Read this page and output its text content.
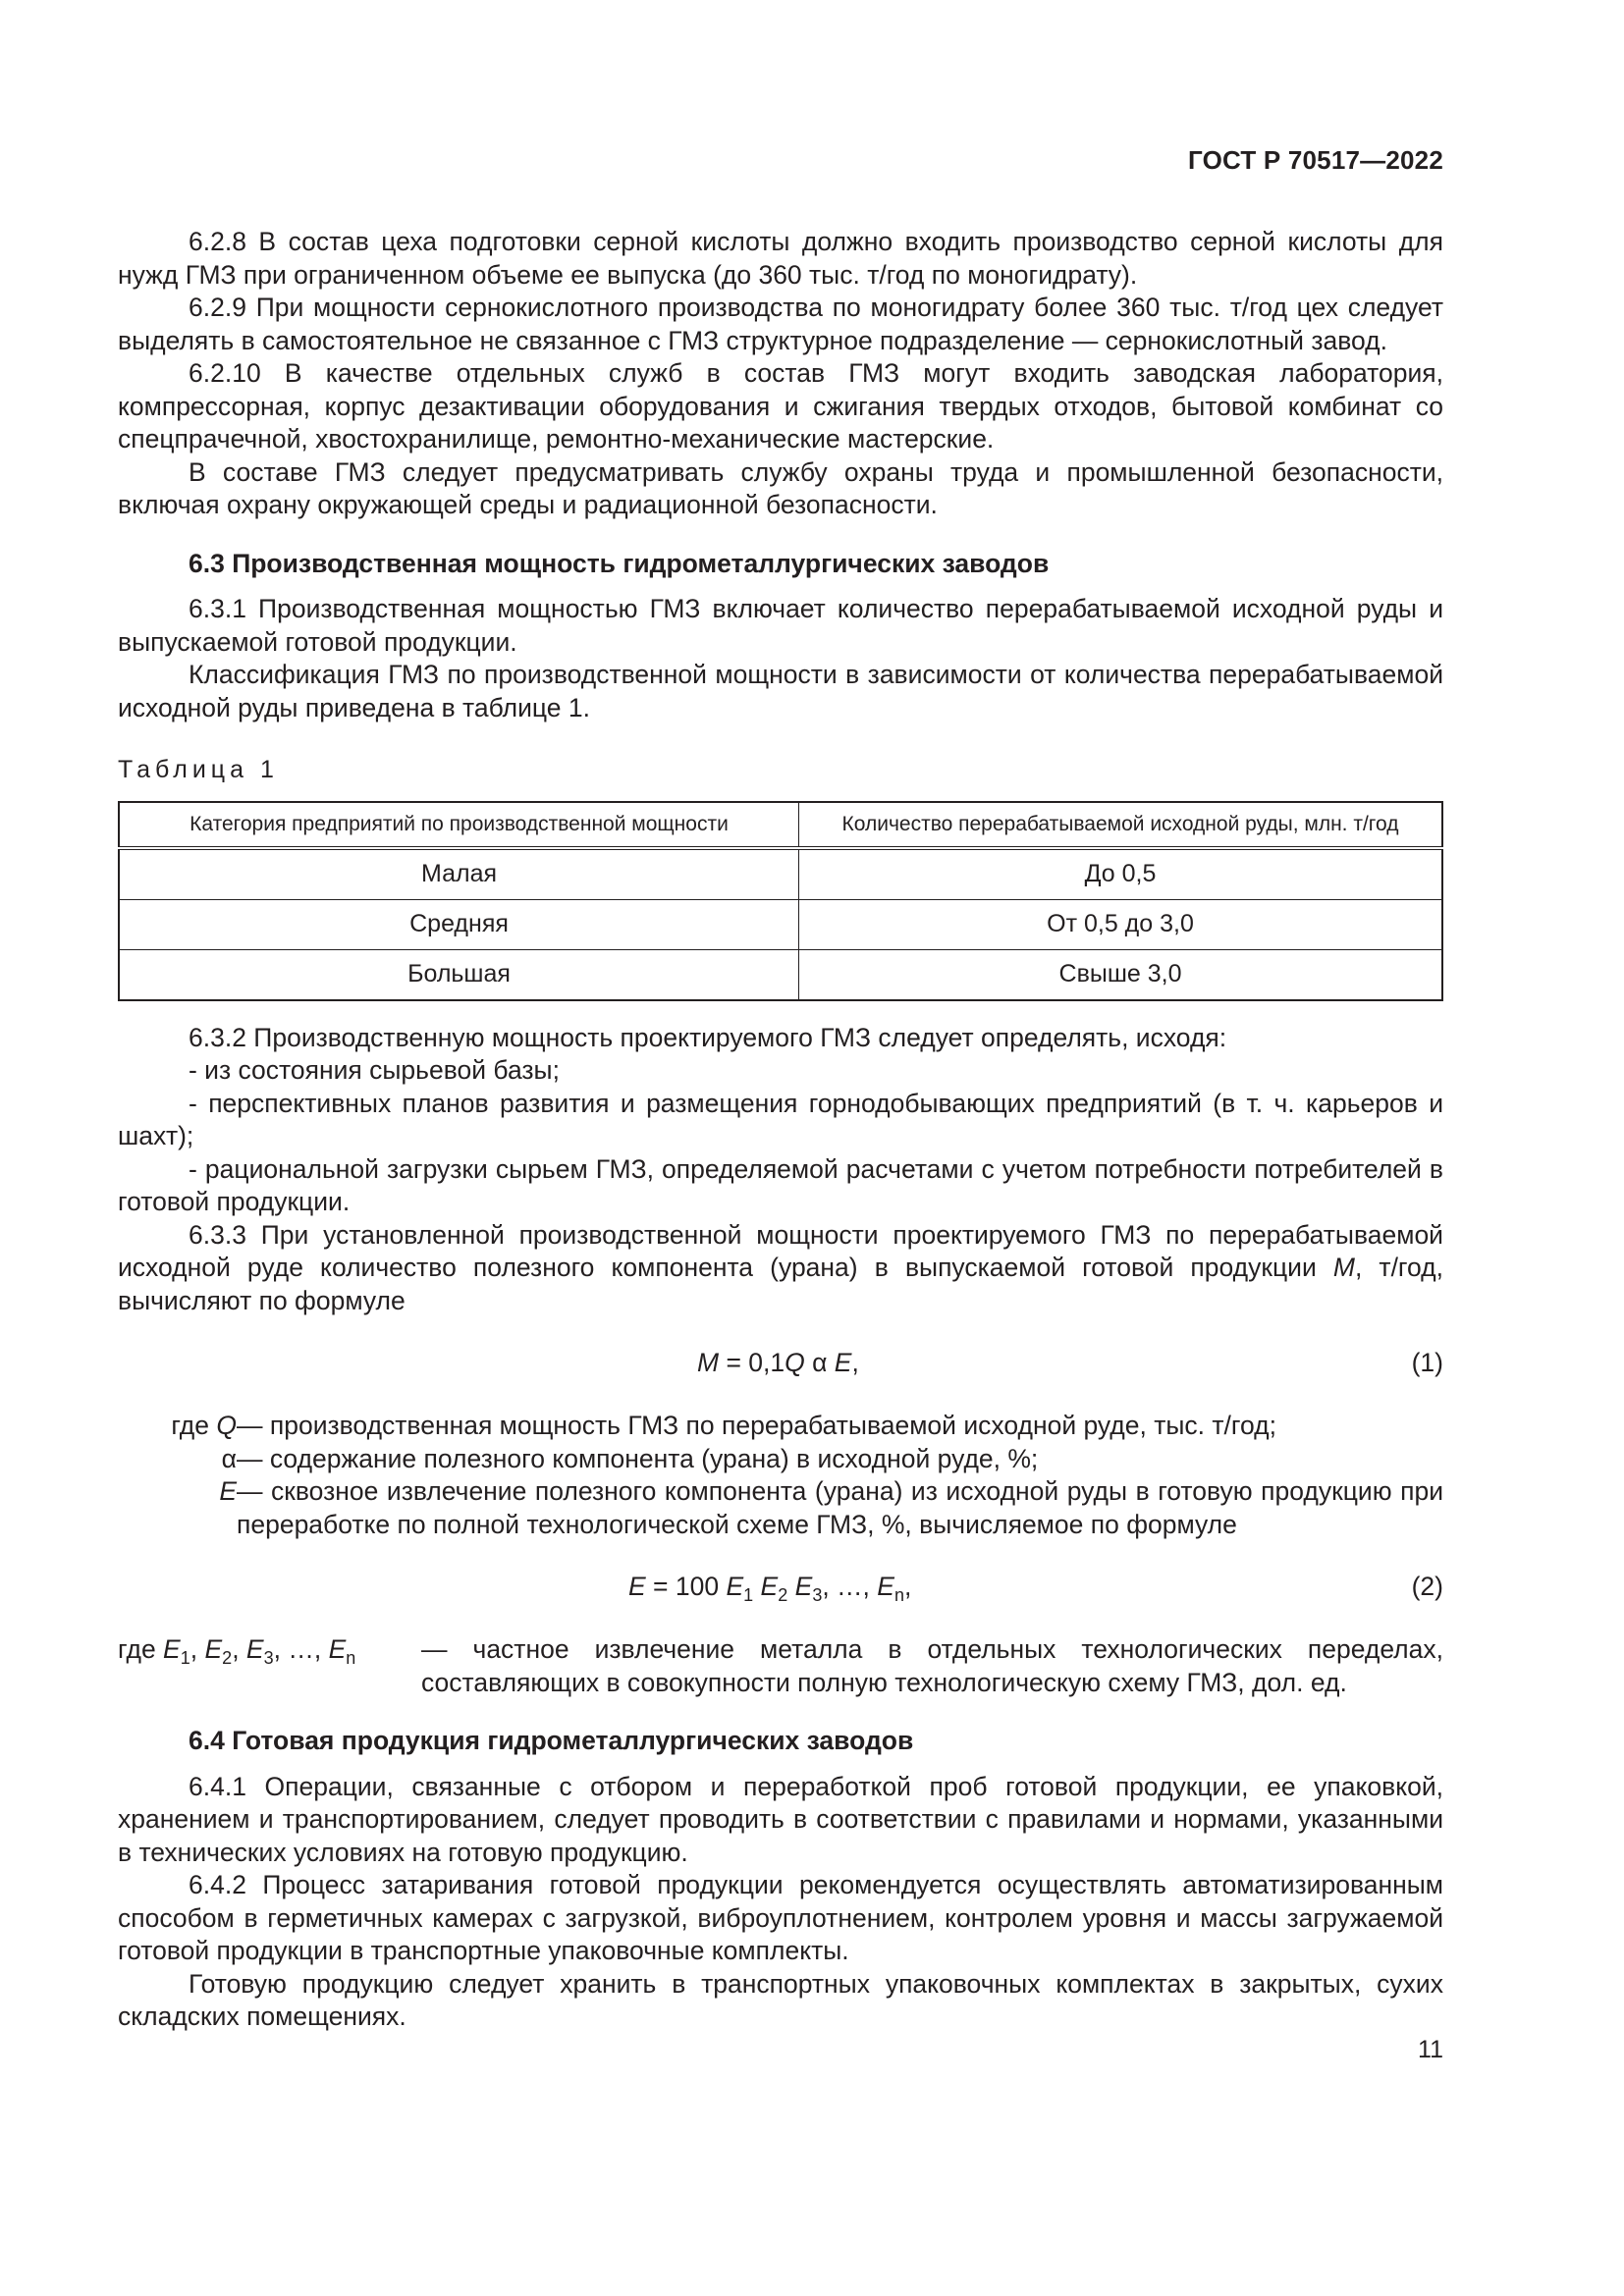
ГОСТ Р 70517—2022

6.2.8 В состав цеха подготовки серной кислоты должно входить производство серной кислоты для нужд ГМЗ при ограниченном объеме ее выпуска (до 360 тыс. т/год по моногидрату).

6.2.9 При мощности сернокислотного производства по моногидрату более 360 тыс. т/год цех следует выделять в самостоятельное не связанное с ГМЗ структурное подразделение — сернокислотный завод.

6.2.10 В качестве отдельных служб в состав ГМЗ могут входить заводская лаборатория, компрессорная, корпус дезактивации оборудования и сжигания твердых отходов, бытовой комбинат со спецпрачечной, хвостохранилище, ремонтно-механические мастерские.

В составе ГМЗ следует предусматривать службу охраны труда и промышленной безопасности, включая охрану окружающей среды и радиационной безопасности.

6.3 Производственная мощность гидрометаллургических заводов

6.3.1 Производственная мощностью ГМЗ включает количество перерабатываемой исходной руды и выпускаемой готовой продукции.

Классификация ГМЗ по производственной мощности в зависимости от количества перерабатываемой исходной руды приведена в таблице 1.

Таблица 1
Категория предприятий по производственной мощности	Количество перерабатываемой исходной руды, млн. т/год
Малая	До 0,5
Средняя	От 0,5 до 3,0
Большая	Свыше 3,0

6.3.2 Производственную мощность проектируемого ГМЗ следует определять, исходя:

- из состояния сырьевой базы;

- перспективных планов развития и размещения горнодобывающих предприятий (в т. ч. карьеров и шахт);

- рациональной загрузки сырьем ГМЗ, определяемой расчетами с учетом потребности потребителей в готовой продукции.

6.3.3 При установленной производственной мощности проектируемого ГМЗ по перерабатываемой исходной руде количество полезного компонента (урана) в выпускаемой готовой продукции M, т/год, вычисляют по формуле

M = 0,1Q α E,	(1)
где Q — производственная мощность ГМЗ по перерабатываемой исходной руде, тыс. т/год;
α — содержание полезного компонента (урана) в исходной руде, %;
E — сквозное извлечение полезного компонента (урана) из исходной руды в готовую продукцию при переработке по полной технологической схеме ГМЗ, %, вычисляемое по формуле
E = 100 $E_1$ $E_2$ $E_3$, …, $E_n$,	(2)
где $E_1$, $E_2$, $E_3$, …, $E_n$	— частное извлечение металла в отдельных технологических переделах, составляющих в совокупности полную технологическую схему ГМЗ, дол. ед.

6.4 Готовая продукция гидрометаллургических заводов

6.4.1 Операции, связанные с отбором и переработкой проб готовой продукции, ее упаковкой, хранением и транспортированием, следует проводить в соответствии с правилами и нормами, указанными в технических условиях на готовую продукцию.

6.4.2 Процесс затаривания готовой продукции рекомендуется осуществлять автоматизированным способом в герметичных камерах с загрузкой, виброуплотнением, контролем уровня и массы загружаемой готовой продукции в транспортные упаковочные комплекты.

Готовую продукцию следует хранить в транспортных упаковочных комплектах в закрытых, сухих складских помещениях.

11
